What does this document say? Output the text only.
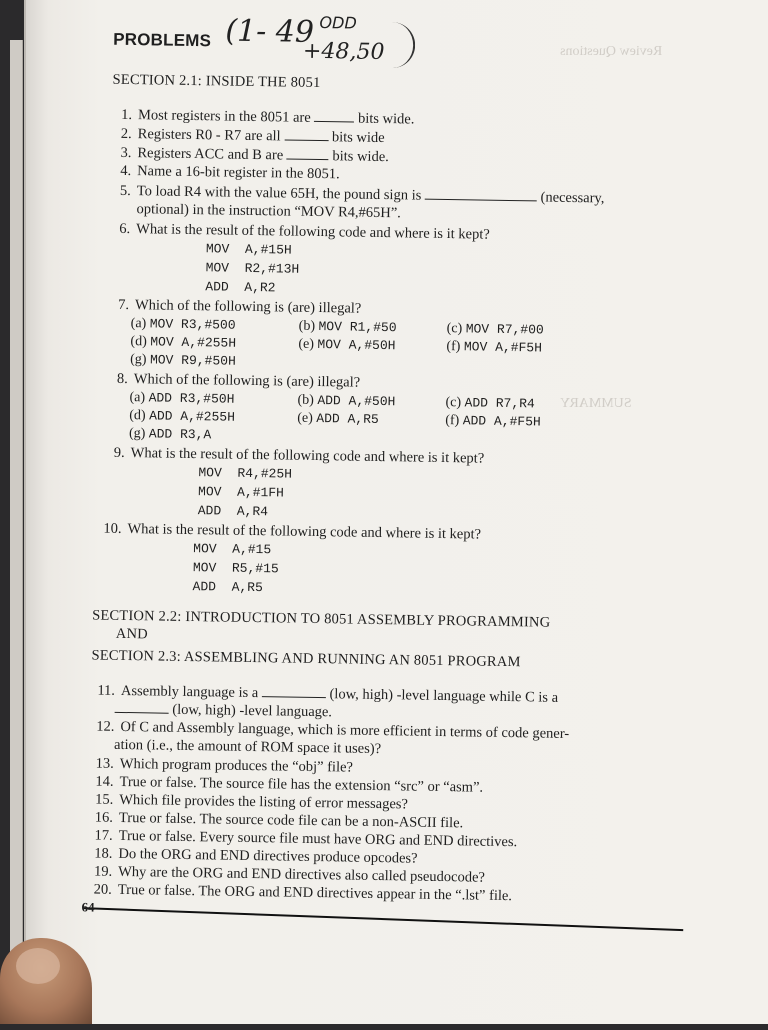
Review Questions
SUMMARY
PROBLEMS (1- 49 ODD
+48,50
SECTION 2.1: INSIDE THE 8051
1. Most registers in the 8051 are	bits wide.
2. Registers R0 - R7 are all	bits wide
3. Registers ACC and B are	bits wide.
4. Name a 16-bit register in the 8051.
5. To load R4 with the value 65H, the pound sign is	(necessary,
optional) in the instruction “MOV R4,#65H”.
6. What is the result of the following code and where is it kept?
MOV  A,#15H
MOV  R2,#13H
ADD  A,R2
7. Which of the following is (are) illegal?
(a) MOV R3,#500	(b) MOV R1,#50	(c) MOV R7,#00
(d) MOV A,#255H	(e) MOV A,#50H	(f) MOV A,#F5H
(g) MOV R9,#50H
8. Which of the following is (are) illegal?
(a) ADD R3,#50H	(b) ADD A,#50H	(c) ADD R7,R4
(d) ADD A,#255H	(e) ADD A,R5	(f) ADD A,#F5H
(g) ADD R3,A
9. What is the result of the following code and where is it kept?
MOV  R4,#25H
MOV  A,#1FH
ADD  A,R4
10. What is the result of the following code and where is it kept?
MOV  A,#15
MOV  R5,#15
ADD  A,R5
SECTION 2.2: INTRODUCTION TO 8051 ASSEMBLY PROGRAMMING
AND
SECTION 2.3: ASSEMBLING AND RUNNING AN 8051 PROGRAM
11. Assembly language is a	(low, high) -level language while C is a
(low, high) -level language.
12. Of C and Assembly language, which is more efficient in terms of code gener-
ation (i.e., the amount of ROM space it uses)?
13. Which program produces the “obj” file?
14. True or false. The source file has the extension “src” or “asm”.
15. Which file provides the listing of error messages?
16. True or false. The source code file can be a non-ASCII file.
17. True or false. Every source file must have ORG and END directives.
18. Do the ORG and END directives produce opcodes?
19. Why are the ORG and END directives also called pseudocode?
20. True or false. The ORG and END directives appear in the “.lst” file.
64
